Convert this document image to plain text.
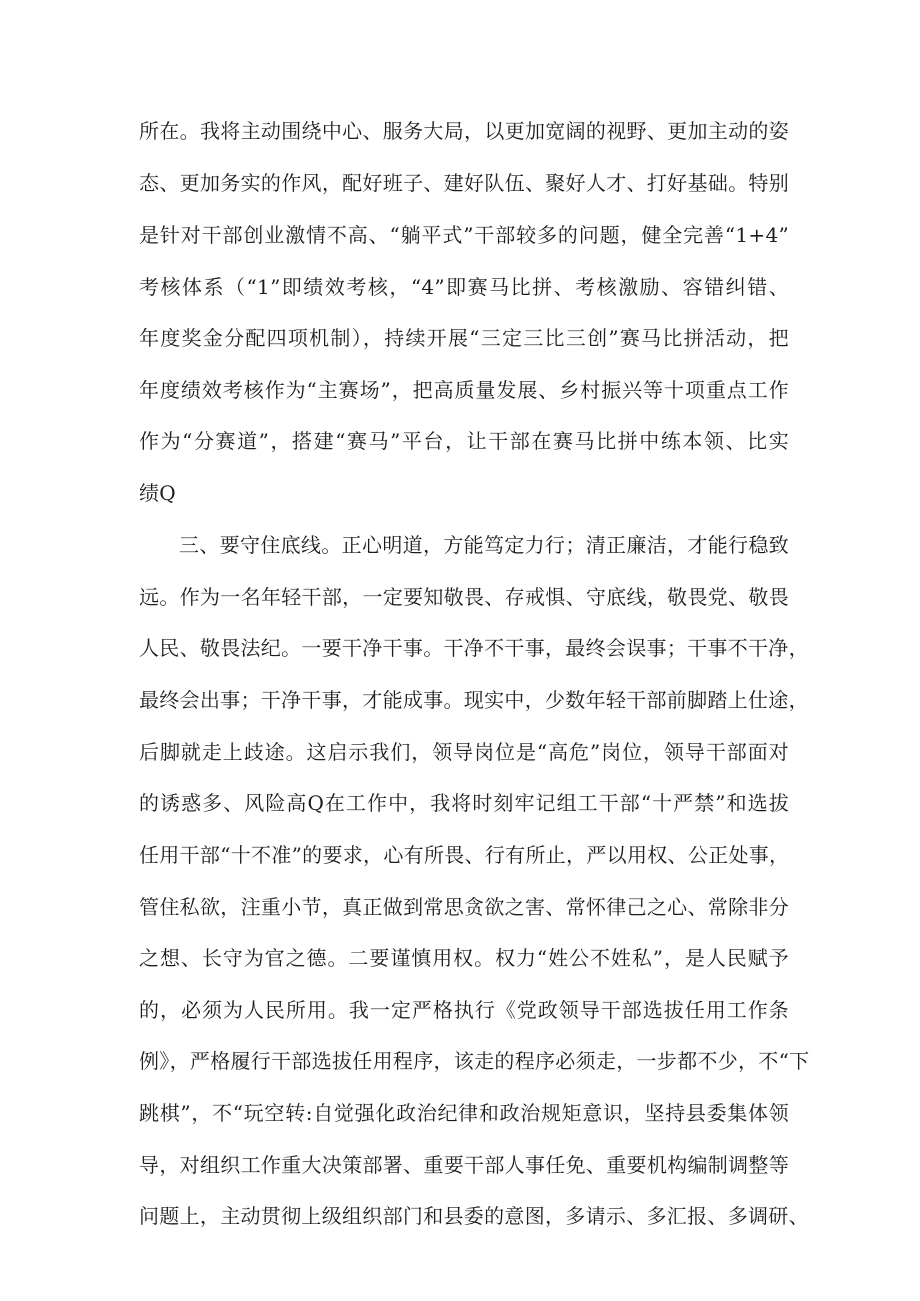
所在。我将主动围绕中心、服务大局，以更加宽阔的视野、更加主动的姿
态、更加务实的作风，配好班子、建好队伍、聚好人才、打好基础。特别
是针对干部创业激情不高、“躺平式”干部较多的问题，健全完善“1+4”
考核体系（“1”即绩效考核，“4”即赛马比拼、考核激励、容错纠错、
年度奖金分配四项机制），持续开展“三定三比三创”赛马比拼活动，把
年度绩效考核作为“主赛场”，把高质量发展、乡村振兴等十项重点工作
作为“分赛道”，搭建“赛马”平台，让干部在赛马比拼中练本领、比实
绩Q
三、要守住底线。正心明道，方能笃定力行；清正廉洁，才能行稳致
远。作为一名年轻干部，一定要知敬畏、存戒惧、守底线，敬畏党、敬畏
人民、敬畏法纪。一要干净干事。干净不干事，最终会误事；干事不干净，
最终会出事；干净干事，才能成事。现实中，少数年轻干部前脚踏上仕途，
后脚就走上歧途。这启示我们，领导岗位是“高危”岗位，领导干部面对
的诱惑多、风险高Q在工作中，我将时刻牢记组工干部“十严禁”和选拔
任用干部“十不准”的要求，心有所畏、行有所止，严以用权、公正处事，
管住私欲，注重小节，真正做到常思贪欲之害、常怀律己之心、常除非分
之想、长守为官之德。二要谨慎用权。权力“姓公不姓私”，是人民赋予
的，必须为人民所用。我一定严格执行《党政领导干部选拔任用工作条
例》，严格履行干部选拔任用程序，该走的程序必须走，一步都不少，不“下
跳棋”，不“玩空转:自觉强化政治纪律和政治规矩意识，坚持县委集体领
导，对组织工作重大决策部署、重要干部人事任免、重要机构编制调整等
问题上，主动贯彻上级组织部门和县委的意图，多请示、多汇报、多调研、
